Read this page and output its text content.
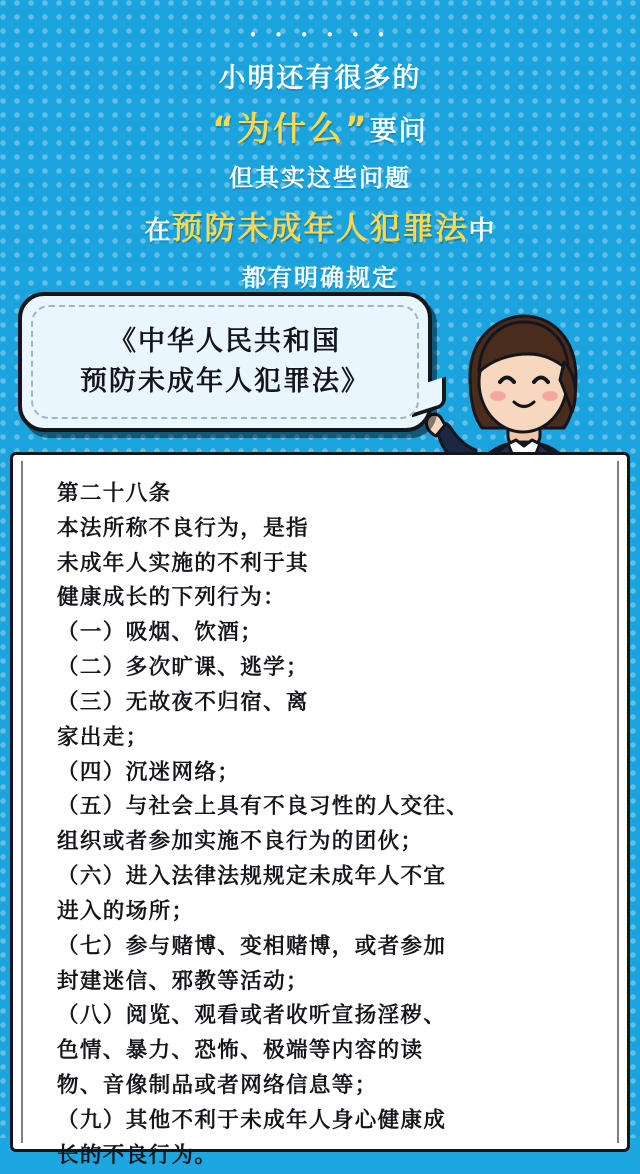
• • • • • •
小明还有很多的
“为什么”要问
但其实这些问题
在预防未成年人犯罪法中
都有明确规定
《中华人民共和国
预防未成年人犯罪法》

第二十八条

本法所称不良行为，是指

未成年人实施的不利于其

健康成长的下列行为：

（一）吸烟、饮酒；

（二）多次旷课、逃学；

（三）无故夜不归宿、离

家出走；

（四）沉迷网络；

（五）与社会上具有不良习性的人交往、

组织或者参加实施不良行为的团伙；

（六）进入法律法规规定未成年人不宜

进入的场所；

（七）参与赌博、变相赌博，或者参加

封建迷信、邪教等活动；

（八）阅览、观看或者收听宣扬淫秽、

色情、暴力、恐怖、极端等内容的读

物、音像制品或者网络信息等；

（九）其他不利于未成年人身心健康成

长的不良行为。
